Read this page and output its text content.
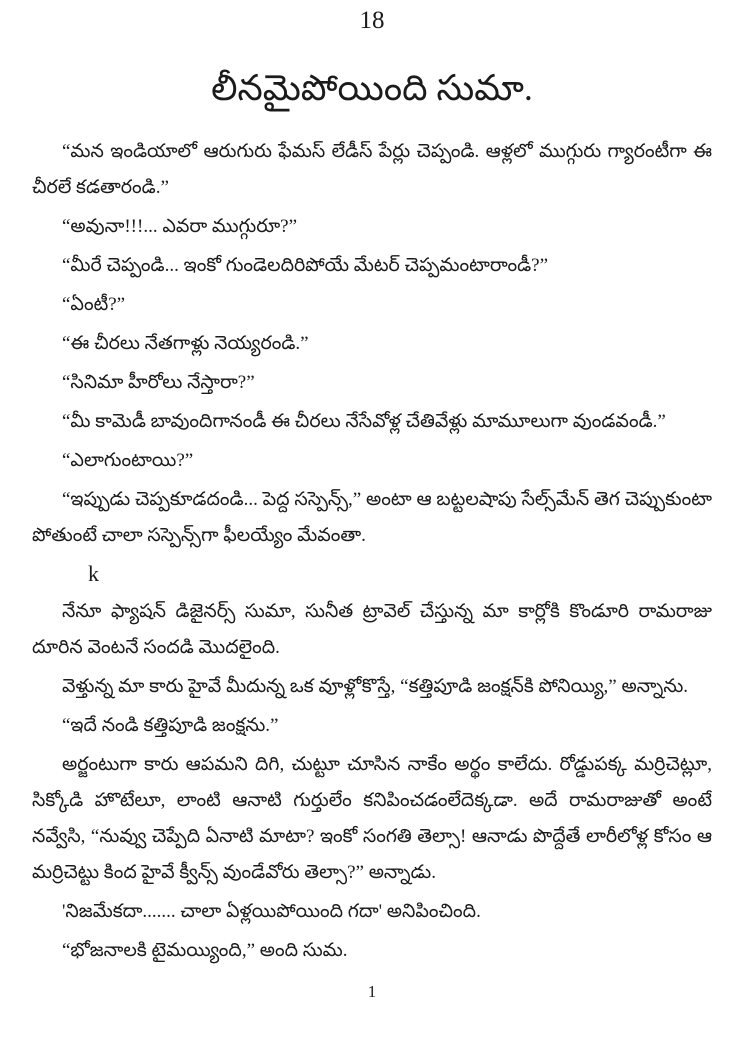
18
లీనమైపోయింది సుమా.

“మన ఇండియాలో ఆరుగురు ఫేమస్ లేడీస్ పేర్లు చెప్పండి. ఆళ్లలో ముగ్గురు గ్యారంటీగా ఈ చీరలే కడతారండి.”

“అవునా!!!... ఎవరా ముగ్గురూ?”

“మీరే చెప్పండి... ఇంకో గుండెలదిరిపోయే మేటర్ చెప్పమంటారాండీ?”

“ఏంటీ?”

“ఈ చీరలు నేతగాళ్లు నెయ్యరండి.”

“సినిమా హీరోలు నేస్తారా?”

“మీ కామెడీ బావుందిగానండీ ఈ చీరలు నేసేవోళ్ల చేతివేళ్లు మామూలుగా వుండవండీ.”

“ఎలాగుంటాయి?”

“ఇప్పుడు చెప్పకూడదండి... పెద్ద సస్పెన్స్,” అంటా ఆ బట్టలషాపు సేల్స్‌మేన్ తెగ చెప్పుకుంటా పోతుంటే చాలా సస్పెన్స్‌గా ఫీలయ్యేం మేవంతా.

k

నేనూ ఫ్యాషన్ డిజైనర్స్ సుమా, సునీత ట్రావెల్ చేస్తున్న మా కార్లోకి కొండూరి రామరాజు దూరిన వెంటనే సందడి మొదలైంది.

వెళ్తున్న మా కారు హైవే మీదున్న ఒక వూళ్లోకొస్తే, “కత్తిపూడి జంక్షన్‌కి పోనియ్యి,” అన్నాను.

“ఇదే నండి కత్తిపూడి జంక్షను.”

అర్జంటుగా కారు ఆపమని దిగి, చుట్టూ చూసిన నాకేం అర్థం కాలేదు. రోడ్డుపక్క మర్రిచెట్లూ, సిక్కోడి హొటేలూ, లాంటి ఆనాటి గుర్తులేం కనిపించడంలేదెక్కడా. అదే రామరాజుతో అంటే నవ్వేసి, “నువ్వు చెప్పేది ఏనాటి మాటా? ఇంకో సంగతి తెల్సా! ఆనాడు పొద్దేతే లారీలోళ్ల కోసం ఆ మర్రిచెట్టు కింద హైవే క్వీన్స్ వుండేవోరు తెల్సా?” అన్నాడు.

'నిజమేకదా....... చాలా ఏళ్లయిపోయింది గదా' అనిపించింది.

“భోజనాలకి టైమయ్యింది,” అంది సుమ.

1
